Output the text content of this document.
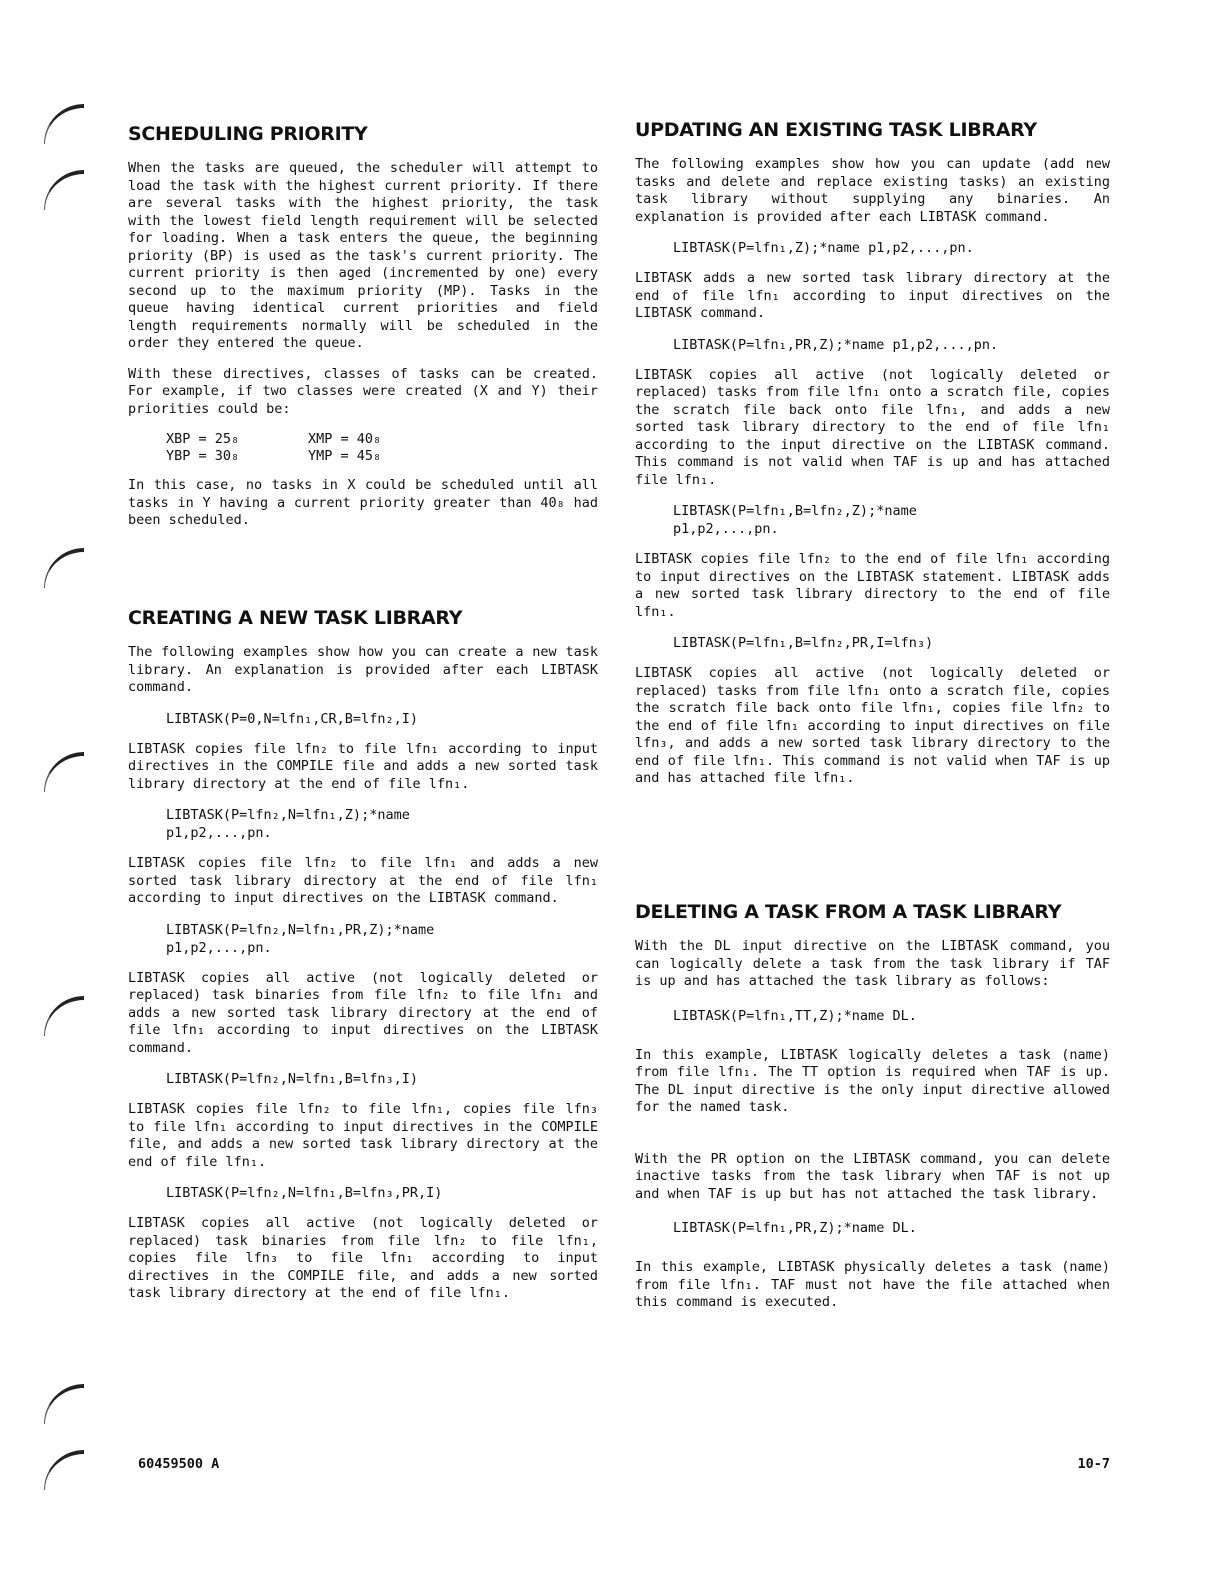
SCHEDULING PRIORITY

When the tasks are queued, the scheduler will attempt to load the task with the highest current priority. If there are several tasks with the highest priority, the task with the lowest field length requirement will be selected for loading. When a task enters the queue, the beginning priority (BP) is used as the task's current priority. The current priority is then aged (incremented by one) every second up to the maximum priority (MP). Tasks in the queue having identical current priorities and field length requirements normally will be scheduled in the order they entered the queue.

With these directives, classes of tasks can be created. For example, if two classes were created (X and Y) their priorities could be:

XBP = 25₈	XMP = 40₈
YBP = 30₈	YMP = 45₈

In this case, no tasks in X could be scheduled until all tasks in Y having a current priority greater than 40₈ had been scheduled.

CREATING A NEW TASK LIBRARY

The following examples show how you can create a new task library. An explanation is provided after each LIBTASK command.

LIBTASK(P=0,N=lfn₁,CR,B=lfn₂,I)

LIBTASK copies file lfn₂ to file lfn₁ according to input directives in the COMPILE file and adds a new sorted task library directory at the end of file lfn₁.

LIBTASK(P=lfn₂,N=lfn₁,Z);*name
p1,p2,...,pn.

LIBTASK copies file lfn₂ to file lfn₁ and adds a new sorted task library directory at the end of file lfn₁ according to input directives on the LIBTASK command.

LIBTASK(P=lfn₂,N=lfn₁,PR,Z);*name
p1,p2,...,pn.

LIBTASK copies all active (not logically deleted or replaced) task binaries from file lfn₂ to file lfn₁ and adds a new sorted task library directory at the end of file lfn₁ according to input directives on the LIBTASK command.

LIBTASK(P=lfn₂,N=lfn₁,B=lfn₃,I)

LIBTASK copies file lfn₂ to file lfn₁, copies file lfn₃ to file lfn₁ according to input directives in the COMPILE file, and adds a new sorted task library directory at the end of file lfn₁.

LIBTASK(P=lfn₂,N=lfn₁,B=lfn₃,PR,I)

LIBTASK copies all active (not logically deleted or replaced) task binaries from file lfn₂ to file lfn₁, copies file lfn₃ to file lfn₁ according to input directives in the COMPILE file, and adds a new sorted task library directory at the end of file lfn₁.

60459500 A
UPDATING AN EXISTING TASK LIBRARY

The following examples show how you can update (add new tasks and delete and replace existing tasks) an existing task library without supplying any binaries. An explanation is provided after each LIBTASK command.

LIBTASK(P=lfn₁,Z);*name p1,p2,...,pn.

LIBTASK adds a new sorted task library directory at the end of file lfn₁ according to input directives on the LIBTASK command.

LIBTASK(P=lfn₁,PR,Z);*name p1,p2,...,pn.

LIBTASK copies all active (not logically deleted or replaced) tasks from file lfn₁ onto a scratch file, copies the scratch file back onto file lfn₁, and adds a new sorted task library directory to the end of file lfn₁ according to the input directive on the LIBTASK command. This command is not valid when TAF is up and has attached file lfn₁.

LIBTASK(P=lfn₁,B=lfn₂,Z);*name
p1,p2,...,pn.

LIBTASK copies file lfn₂ to the end of file lfn₁ according to input directives on the LIBTASK statement. LIBTASK adds a new sorted task library directory to the end of file lfn₁.

LIBTASK(P=lfn₁,B=lfn₂,PR,I=lfn₃)

LIBTASK copies all active (not logically deleted or replaced) tasks from file lfn₁ onto a scratch file, copies the scratch file back onto file lfn₁, copies file lfn₂ to the end of file lfn₁ according to input directives on file lfn₃, and adds a new sorted task library directory to the end of file lfn₁. This command is not valid when TAF is up and has attached file lfn₁.

DELETING A TASK FROM A TASK LIBRARY

With the DL input directive on the LIBTASK command, you can logically delete a task from the task library if TAF is up and has attached the task library as follows:

LIBTASK(P=lfn₁,TT,Z);*name DL.

In this example, LIBTASK logically deletes a task (name) from file lfn₁. The TT option is required when TAF is up. The DL input directive is the only input directive allowed for the named task.

With the PR option on the LIBTASK command, you can delete inactive tasks from the task library when TAF is not up and when TAF is up but has not attached the task library.

LIBTASK(P=lfn₁,PR,Z);*name DL.

In this example, LIBTASK physically deletes a task (name) from file lfn₁. TAF must not have the file attached when this command is executed.

10-7
